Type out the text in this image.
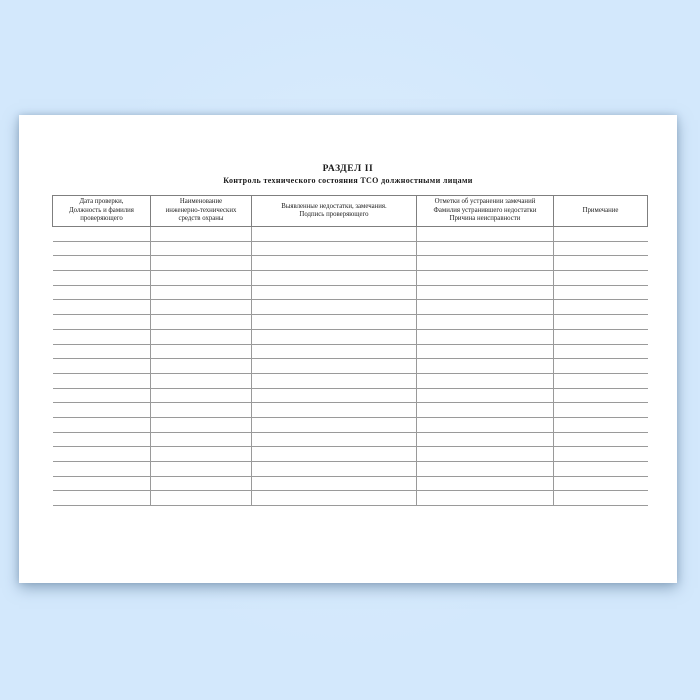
РАЗДЕЛ II
Контроль технического состояния ТСО должностными лицами
Дата проверки,
Должность и фамилия
проверяющего	Наименование
инженерно-технических
средств охраны	Выявленные недостатки, замечания.
Подпись проверяющего	Отметки об устранении замечаний
Фамилия устранившего недостатки
Причина неисправности	Примечание
